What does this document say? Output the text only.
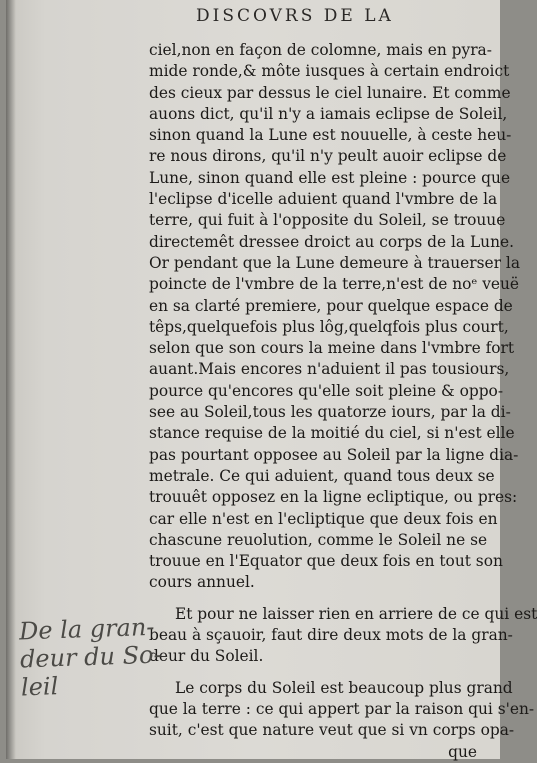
DISCOVRS DE LA
ciel,non en façon de colomne, mais en pyra-
mide ronde,& môte iusques à certain endroict
des cieux par dessus le ciel lunaire. Et comme
auons dict, qu'il n'y a iamais eclipse de Soleil,
sinon quand la Lune est nouuelle, à ceste heu-
re nous dirons, qu'il n'y peult auoir eclipse de
Lune, sinon quand elle est pleine : pource que
l'eclipse d'icelle aduient quand l'vmbre de la
terre, qui fuit à l'opposite du Soleil, se trouue
directemêt dressee droict au corps de la Lune.
Or pendant que la Lune demeure à trauerser la
poincte de l'vmbre de la terre,n'est de noᵉ veuë
en sa clarté premiere, pour quelque espace de
têps,quelquefois plus lôg,quelqfois plus court,
selon que son cours la meine dans l'vmbre fort
auant.Mais encores n'aduient il pas tousiours,
pource qu'encores qu'elle soit pleine & oppo-
see au Soleil,tous les quatorze iours, par la di-
stance requise de la moitié du ciel, si n'est elle
pas pourtant opposee au Soleil par la ligne dia-
metrale. Ce qui aduient, quand tous deux se
trouuêt opposez en la ligne ecliptique, ou pres:
car elle n'est en l'ecliptique que deux fois en
chascune reuolution, comme le Soleil ne se
trouue en l'Equator que deux fois en tout son
cours annuel.
Et pour ne laisser rien en arriere de ce qui est
beau à sçauoir, faut dire deux mots de la gran-
deur du Soleil.
Le corps du Soleil est beaucoup plus grand
que la terre : ce qui appert par la raison qui s'en-
suit, c'est que nature veut que si vn corps opa-
que
De la gran-
deur du So-
leil
